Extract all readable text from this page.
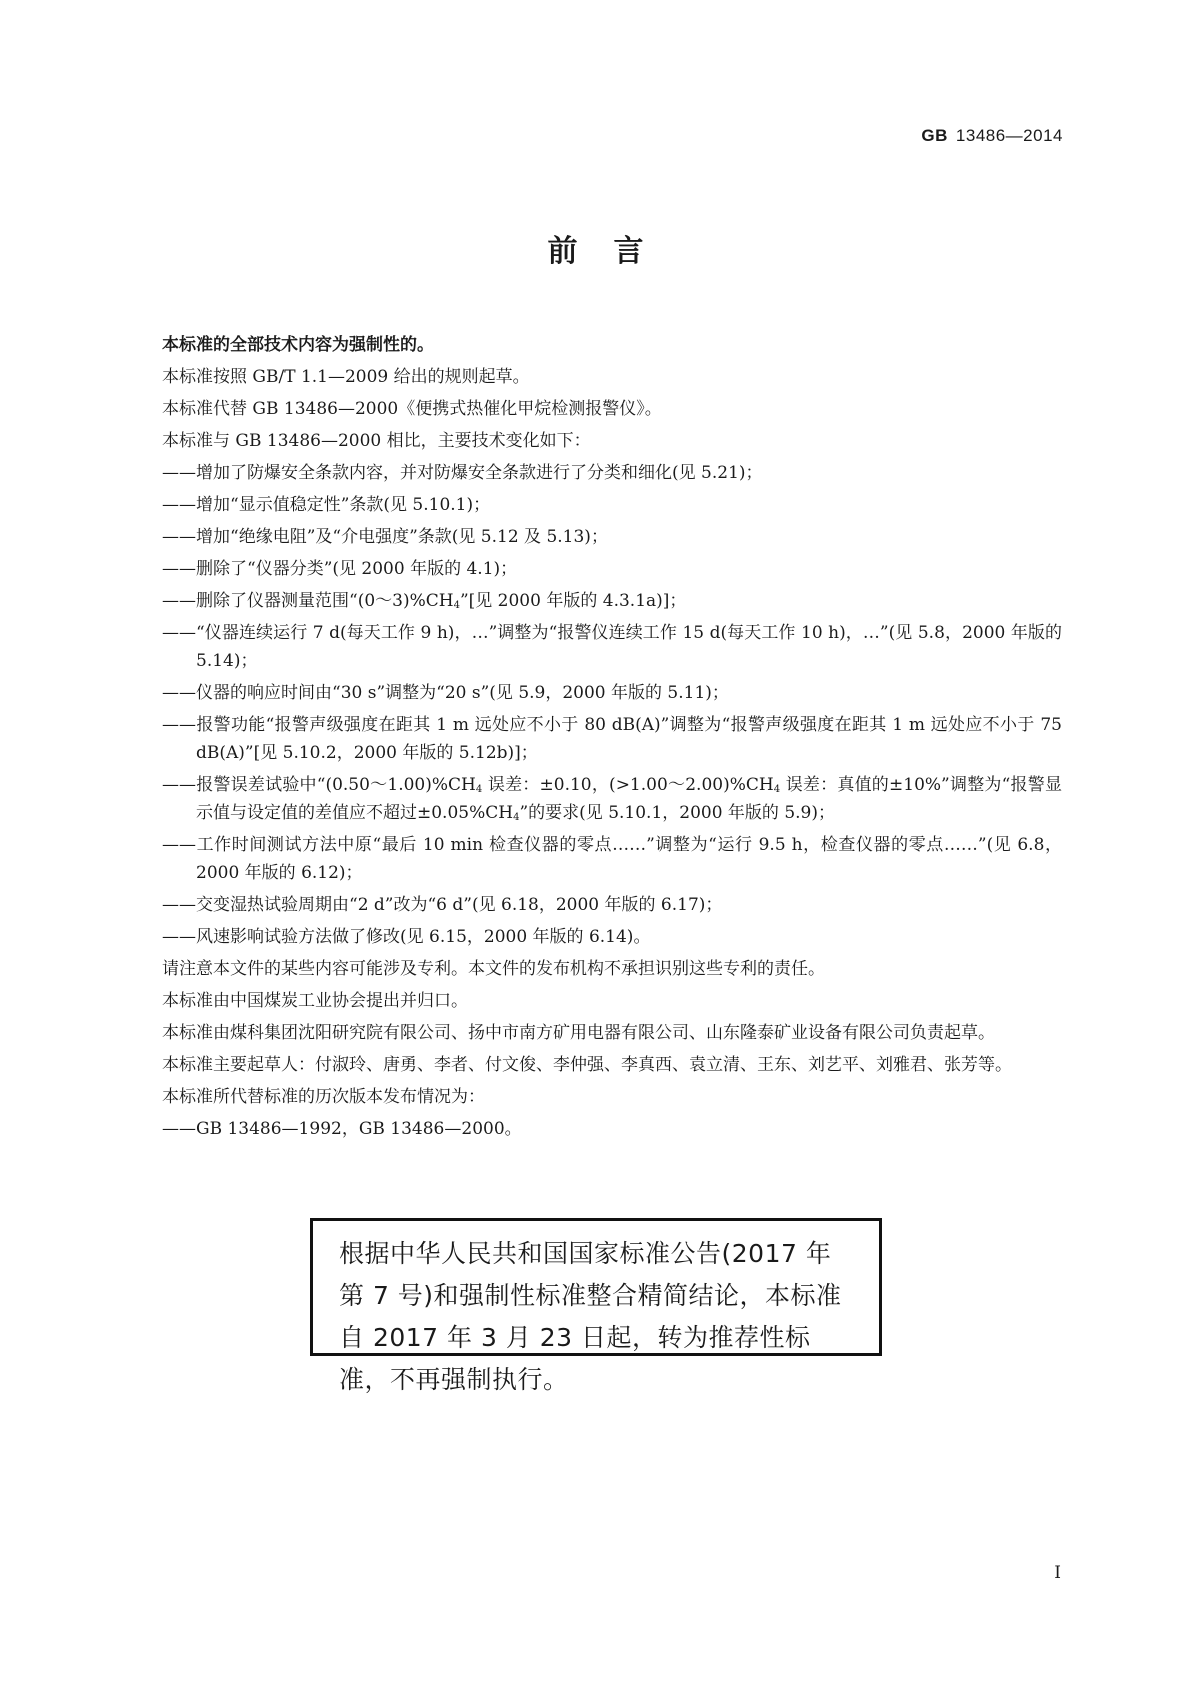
GB 13486—2014
前言

本标准的全部技术内容为强制性的。

本标准按照 GB/T 1.1—2009 给出的规则起草。

本标准代替 GB 13486—2000《便携式热催化甲烷检测报警仪》。

本标准与 GB 13486—2000 相比，主要技术变化如下：

——增加了防爆安全条款内容，并对防爆安全条款进行了分类和细化(见 5.21)；

——增加“显示值稳定性”条款(见 5.10.1)；

——增加“绝缘电阻”及“介电强度”条款(见 5.12 及 5.13)；

——删除了“仪器分类”(见 2000 年版的 4.1)；

——删除了仪器测量范围“$(0\sim 3)\%CH_4$”[见 2000 年版的 4.3.1a)]；

——“仪器连续运行 7 d(每天工作 9 h)，…”调整为“报警仪连续工作 15 d(每天工作 10 h)，…”(见 5.8，2000 年版的 5.14)；

——仪器的响应时间由“30 s”调整为“20 s”(见 5.9，2000 年版的 5.11)；

——报警功能“报警声级强度在距其 1 m 远处应不小于 80 dB(A)”调整为“报警声级强度在距其 1 m 远处应不小于 75 dB(A)”[见 5.10.2，2000 年版的 5.12b)]；

——报警误差试验中“$(0.50\sim 1.00)\%CH_4$ 误差：±0.10，$(>1.00\sim 2.00)\%CH_4$ 误差：真值的±10%”调整为“报警显示值与设定值的差值应不超过$\pm 0.05\%CH_4$”的要求(见 5.10.1，2000 年版的 5.9)；

——工作时间测试方法中原“最后 10 min 检查仪器的零点……”调整为“运行 9.5 h，检查仪器的零点……”(见 6.8，2000 年版的 6.12)；

——交变湿热试验周期由“2 d”改为“6 d”(见 6.18，2000 年版的 6.17)；

——风速影响试验方法做了修改(见 6.15，2000 年版的 6.14)。

请注意本文件的某些内容可能涉及专利。本文件的发布机构不承担识别这些专利的责任。

本标准由中国煤炭工业协会提出并归口。

本标准由煤科集团沈阳研究院有限公司、扬中市南方矿用电器有限公司、山东隆泰矿业设备有限公司负责起草。

本标准主要起草人：付淑玲、唐勇、李者、付文俊、李仲强、李真西、袁立清、王东、刘艺平、刘雅君、张芳等。

本标准所代替标准的历次版本发布情况为：

——GB 13486—1992，GB 13486—2000。

根据中华人民共和国国家标准公告(2017 年第 7 号)和强制性标准整合精简结论，本标准自 2017 年 3 月 23 日起，转为推荐性标准，不再强制执行。
I
